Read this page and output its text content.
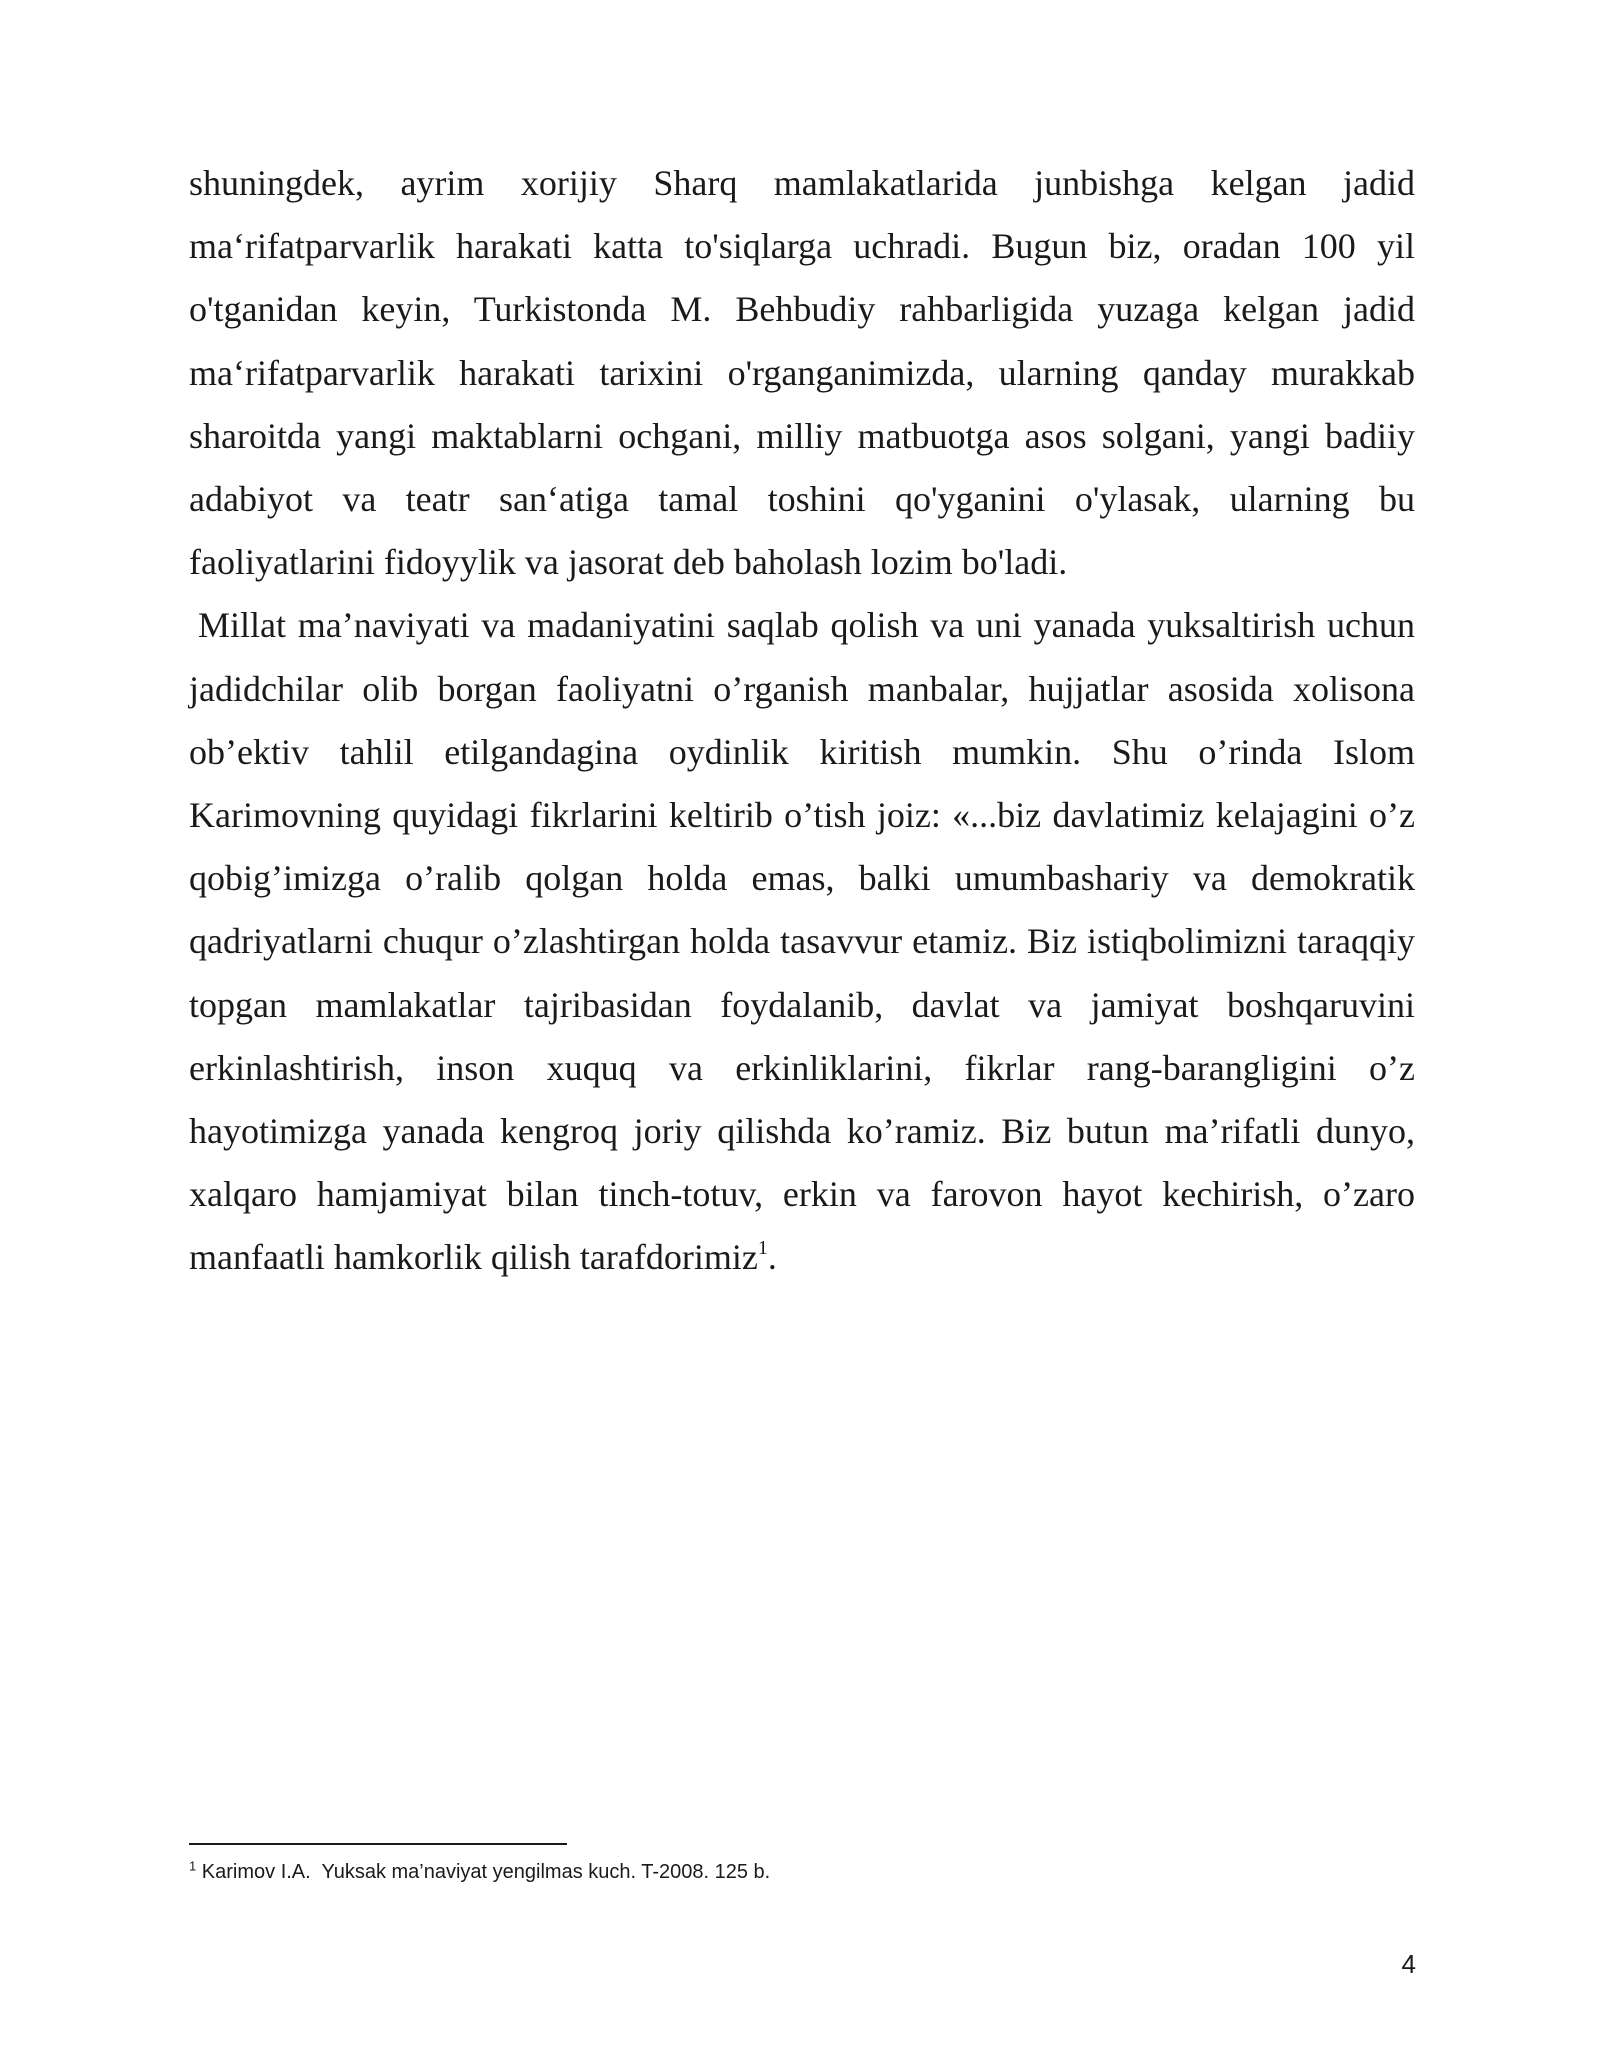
shuningdek, ayrim xorijiy Sharq mamlakatlarida junbishga kelgan jadid maʻrifatparvarlik harakati katta to'siqlarga uchradi. Bugun biz, oradan 100 yil o'tganidan keyin, Turkistonda M. Behbudiy rahbarligida yuzaga kelgan jadid maʻrifatparvarlik harakati tarixini o'rganganimizda, ularning qanday murakkab sharoitda yangi maktablarni ochgani, milliy matbuotga asos solgani, yangi badiiy adabiyot va teatr sanʻatiga tamal toshini qo'yganini o'ylasak, ularning bu faoliyatlarini fidoyylik va jasorat deb baholash lozim bo'ladi.

Millat ma’naviyati va madaniyatini saqlab qolish va uni yanada yuksaltirish uchun jadidchilar olib borgan faoliyatni o’rganish manbalar, hujjatlar asosida xolisona ob’ektiv tahlil etilgandagina oydinlik kiritish mumkin. Shu o’rinda Islom Karimovning quyidagi fikrlarini keltirib o’tish joiz: «...biz davlatimiz kelajagini o’z qobig’imizga o’ralib qolgan holda emas, balki umumbashariy va demokratik qadriyatlarni chuqur o’zlashtirgan holda tasavvur etamiz. Biz istiqbolimizni taraqqiy topgan mamlakatlar tajribasidan foydalanib, davlat va jamiyat boshqaruvini erkinlashtirish, inson xuquq va erkinliklarini, fikrlar rang-barangligini o’z hayotimizga yanada kengroq joriy qilishda ko’ramiz. Biz butun ma’rifatli dunyo, xalqaro hamjamiyat bilan tinch-totuv, erkin va farovon hayot kechirish, o’zaro manfaatli hamkorlik qilish tarafdorimiz$^1$.

$^1$ Karimov I.A.  Yuksak ma’naviyat yengilmas kuch. T-2008. 125 b.
4
